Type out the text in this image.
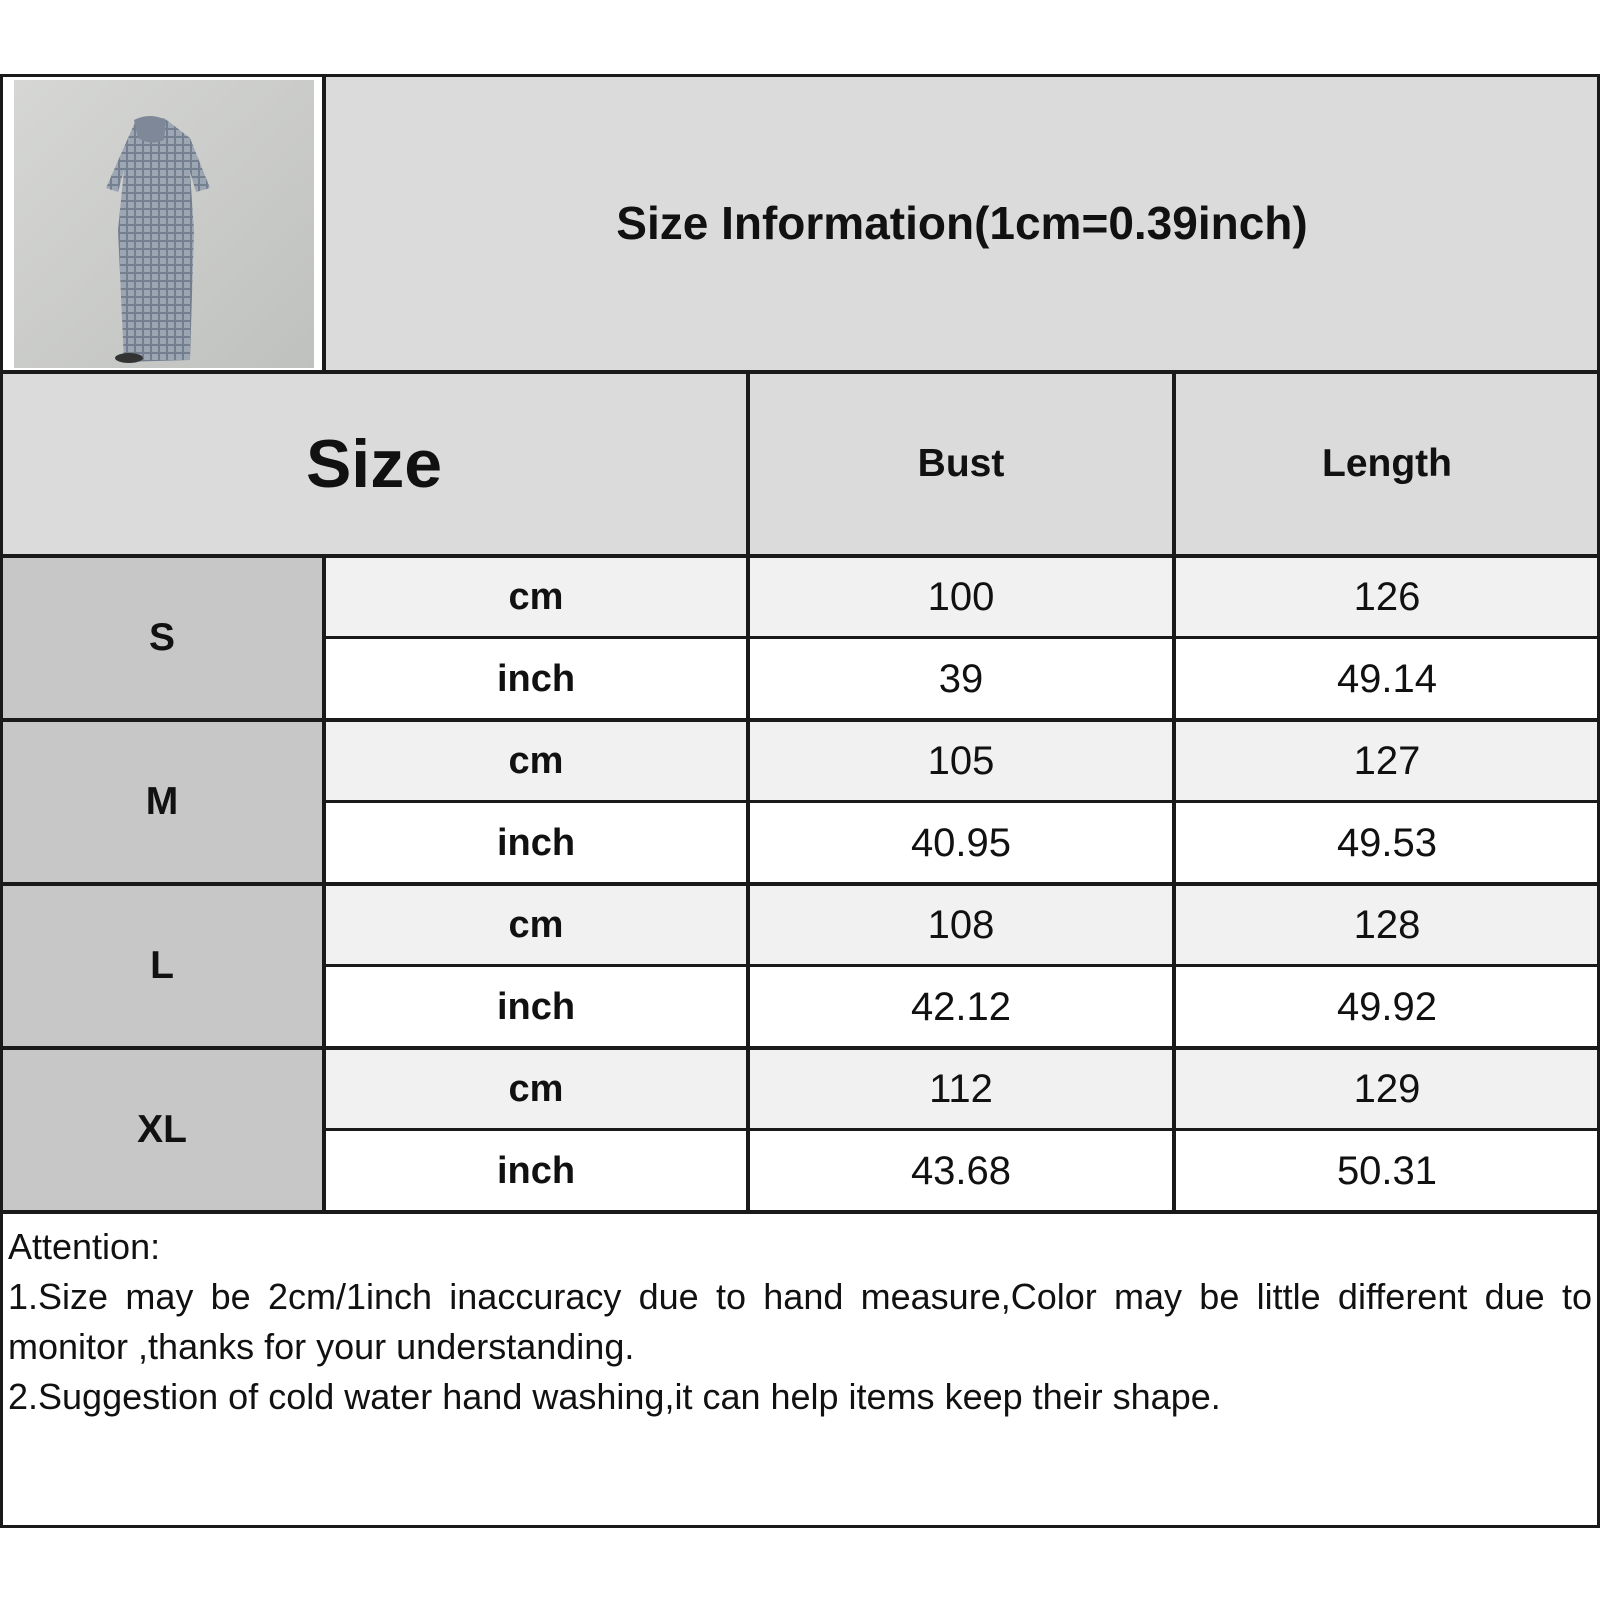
Size Information(1cm=0.39inch)
Size	Bust	Length
S
cm	100	126
inch	39	49.14
M
cm	105	127
inch	40.95	49.53
L
cm	108	128
inch	42.12	49.92
XL
cm	112	129
inch	43.68	50.31

Attention:

1.Size may be 2cm/1inch inaccuracy due to hand measure,Color may be little different due to monitor ,thanks for your understanding.

2.Suggestion of cold water hand washing,it can help items keep their shape.
